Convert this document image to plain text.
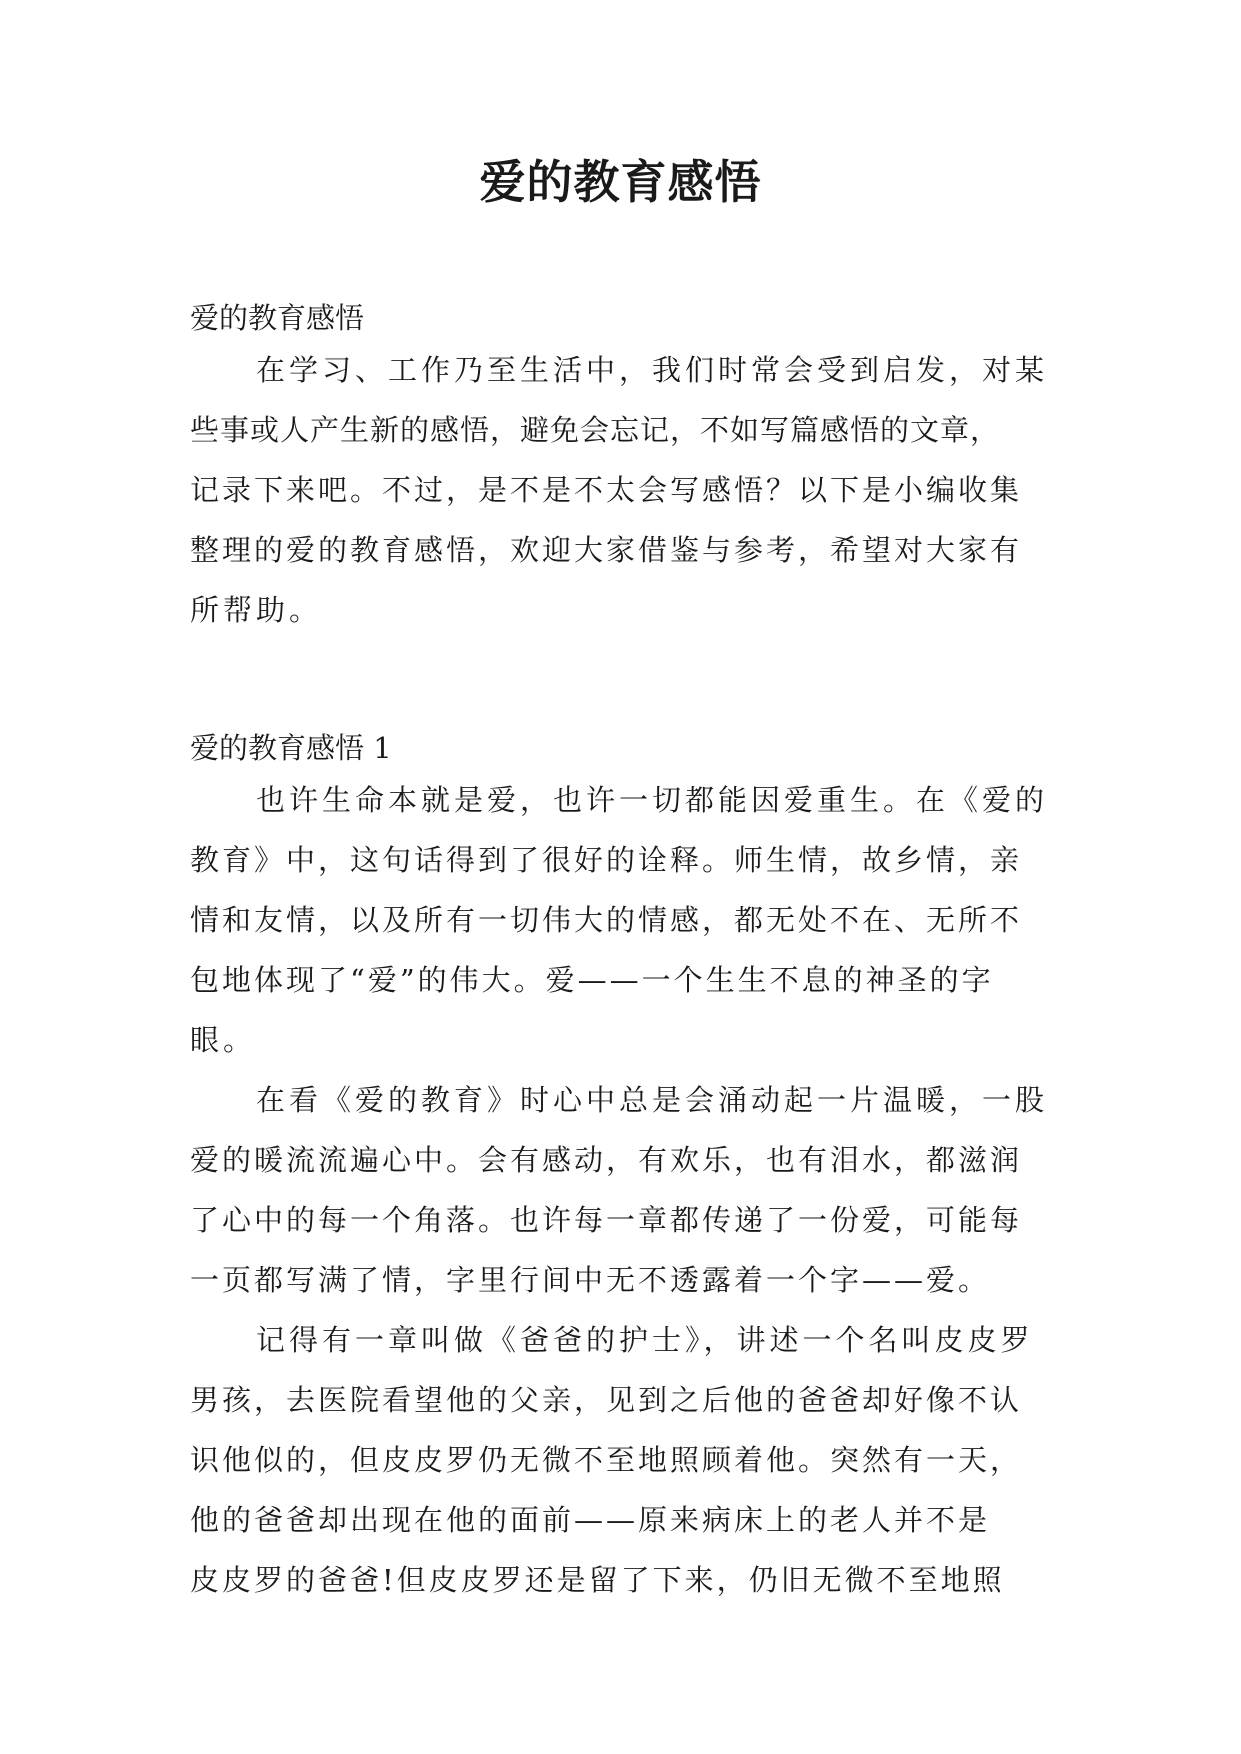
爱的教育感悟
爱的教育感悟
在学习、工作乃至生活中，我们时常会受到启发，对某
些事或人产生新的感悟，避免会忘记，不如写篇感悟的文章，
记录下来吧。不过，是不是不太会写感悟？以下是小编收集
整理的爱的教育感悟，欢迎大家借鉴与参考，希望对大家有
所帮助。
爱的教育感悟 1
也许生命本就是爱，也许一切都能因爱重生。在《爱的
教育》中，这句话得到了很好的诠释。师生情，故乡情，亲
情和友情，以及所有一切伟大的情感，都无处不在、无所不
包地体现了“爱”的伟大。爱——一个生生不息的神圣的字
眼。
在看《爱的教育》时心中总是会涌动起一片温暖，一股
爱的暖流流遍心中。会有感动，有欢乐，也有泪水，都滋润
了心中的每一个角落。也许每一章都传递了一份爱，可能每
一页都写满了情，字里行间中无不透露着一个字——爱。
记得有一章叫做《爸爸的护士》，讲述一个名叫皮皮罗
男孩，去医院看望他的父亲，见到之后他的爸爸却好像不认
识他似的，但皮皮罗仍无微不至地照顾着他。突然有一天，
他的爸爸却出现在他的面前——原来病床上的老人并不是
皮皮罗的爸爸!但皮皮罗还是留了下来，仍旧无微不至地照
